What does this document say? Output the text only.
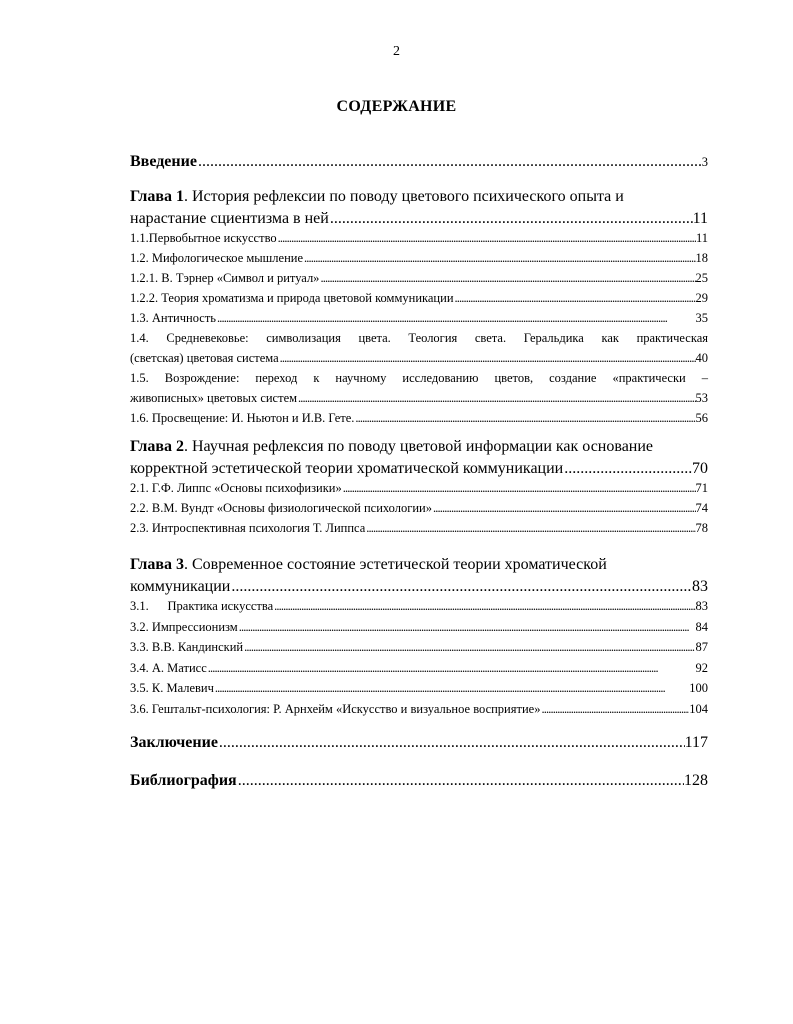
2
СОДЕРЖАНИЕ
Введение . . .	3
Глава 1 . История рефлексии по поводу цветового психического опыта и
нарастание сциентизма в ней . . .	11
1.1.Первобытное искусство . . .	11
1.2. Мифологическое мышление . . .	18
1.2.1. В. Тэрнер «Символ и ритуал» . . .	25
1.2.2. Теория хроматизма и природа цветовой коммуникации . . .	29
1.3. Античность . . .	35
1.4. Средневековье: символизация цвета. Теология света. Геральдика как практическая
(светская) цветовая система . . .	40
1.5. Возрождение: переход к научному исследованию цветов, создание «практически –
живописных» цветовых систем . . .	53
1.6. Просвещение: И. Ньютон и И.В. Гете. . . .	56
Глава 2 . Научная рефлексия по поводу цветовой информации как основание
корректной эстетической теории хроматической коммуникации . . .	70
2.1. Г.Ф. Липпс «Основы психофизики» . . .	71
2.2. В.М. Вундт «Основы физиологической психологии» . . .	74
2.3. Интроспективная психология Т. Липпса . . .	78
Глава 3 . Современное состояние эстетической теории хроматической
коммуникации . . .	83
3.1.      Практика искусства . . .	83
3.2. Импрессионизм . . .	84
3.3. В.В. Кандинский . . .	87
3.4. А. Матисс . . .	92
3.5. К. Малевич . . .	100
3.6. Гештальт-психология: Р. Арнхейм «Искусство и визуальное восприятие» . . .	104
Заключение . . .	117
Библиография . . .	128
